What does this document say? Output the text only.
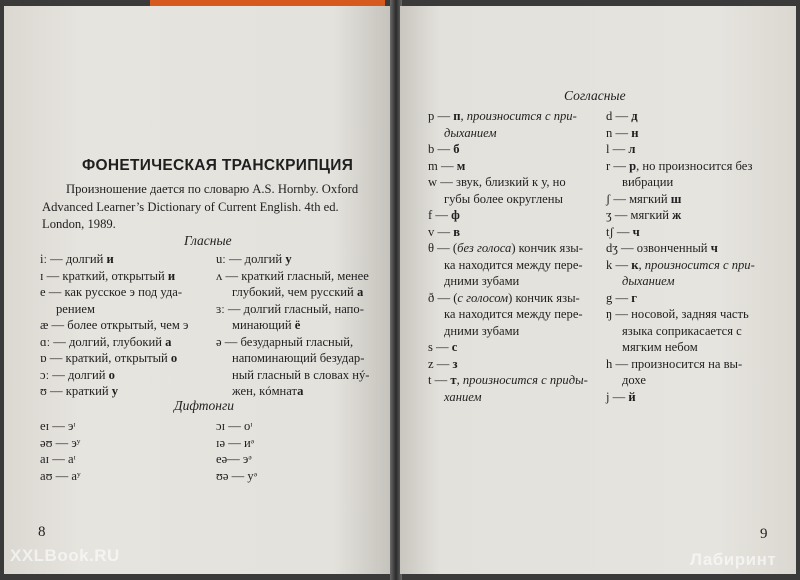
ФОНЕТИЧЕСКАЯ ТРАНСКРИПЦИЯ
Произношение дается по словарю A.S. Hornby. Oxford
Advanced Learner’s Dictionary of Current English. 4th ed.
London, 1989.
Гласные
iː — долгий и
ɪ — краткий, открытый и
e — как русское э под уда-
рением
æ — более открытый, чем э
ɑː — долгий, глубокий а
ɒ — краткий, открытый о
ɔː — долгий о
ʊ — краткий у
uː — долгий у
ʌ — краткий гласный, менее
глубокий, чем русский а
ɜː — долгий гласный, напо-
минающий ё
ə — безударный гласный,
напоминающий безудар-
ный гласный в словах нý-
жен, кóмната
Дифтонги
eɪ — эᶦ
əʊ — эʸ
aɪ — аᶦ
aʊ — аʸ
ɔɪ — оᶦ
ɪə — иᵊ
eə— эᵊ
ʊə — уᵊ
8
XXLBook.RU
Согласные
p — п, произносится с при-
дыханием
b — б
m — м
w — звук, близкий к у, но
губы более округлены
f — ф
v — в
θ — (без голоса) кончик язы-
ка находится между пере-
дними зубами
ð — (с голосом) кончик язы-
ка находится между пере-
дними зубами
s — с
z — з
t — т, произносится с приды-
ханием
d — д
n — н
l — л
r — р, но произносится без
вибрации
ʃ — мягкий ш
ʒ — мягкий ж
tʃ — ч
dʒ — озвонченный ч
k — к, произносится с при-
дыханием
g — г
ŋ — носовой, задняя часть
языка соприкасается с
мягким небом
h — произносится на вы-
дохе
j — й
9
Лабиринт
